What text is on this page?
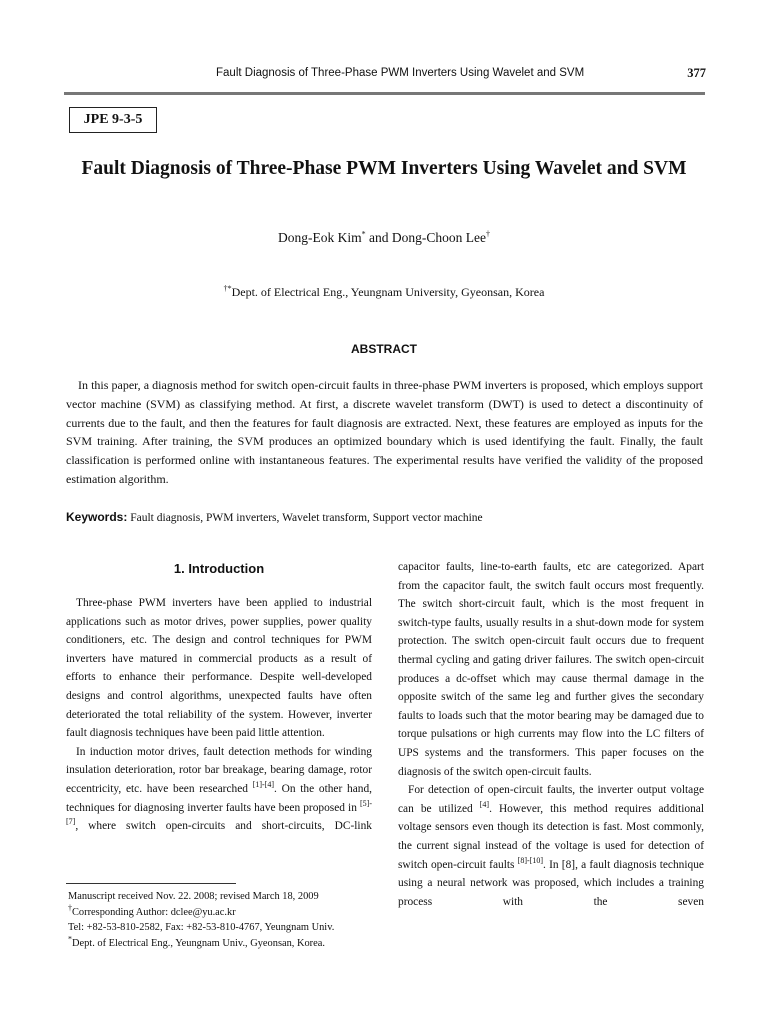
Fault Diagnosis of Three-Phase PWM Inverters Using Wavelet and SVM	377
JPE 9-3-5
Fault Diagnosis of Three-Phase PWM Inverters Using Wavelet and SVM
Dong-Eok Kim* and Dong-Choon Lee†
†*Dept. of Electrical Eng., Yeungnam University, Gyeonsan, Korea
ABSTRACT
In this paper, a diagnosis method for switch open-circuit faults in three-phase PWM inverters is proposed, which employs support vector machine (SVM) as classifying method. At first, a discrete wavelet transform (DWT) is used to detect a discontinuity of currents due to the fault, and then the features for fault diagnosis are extracted. Next, these features are employed as inputs for the SVM training. After training, the SVM produces an optimized boundary which is used identifying the fault. Finally, the fault classification is performed online with instantaneous features. The experimental results have verified the validity of the proposed estimation algorithm.
Keywords: Fault diagnosis, PWM inverters, Wavelet transform, Support vector machine
1. Introduction

Three-phase PWM inverters have been applied to industrial applications such as motor drives, power supplies, power quality conditioners, etc. The design and control techniques for PWM inverters have matured in commercial products as a result of efforts to enhance their performance. Despite well-developed designs and control algorithms, unexpected faults have often deteriorated the total reliability of the system. However, inverter fault diagnosis techniques have been paid little attention.

In induction motor drives, fault detection methods for winding insulation deterioration, rotor bar breakage, bearing damage, rotor eccentricity, etc. have been researched [1]-[4]. On the other hand, techniques for diagnosing inverter faults have been proposed in [5]-[7], where switch open-circuits and short-circuits, DC-link

capacitor faults, line-to-earth faults, etc are categorized. Apart from the capacitor fault, the switch fault occurs most frequently. The switch short-circuit fault, which is the most frequent in switch-type faults, usually results in a shut-down mode for system protection. The switch open-circuit fault occurs due to frequent thermal cycling and gating driver failures. The switch open-circuit produces a dc-offset which may cause thermal damage in the opposite switch of the same leg and further gives the secondary faults to loads such that the motor bearing may be damaged due to torque pulsations or high currents may flow into the LC filters of UPS systems and the transformers. This paper focuses on the diagnosis of the switch open-circuit faults.

For detection of open-circuit faults, the inverter output voltage can be utilized [4]. However, this method requires additional voltage sensors even though its detection is fast. Most commonly, the current signal instead of the voltage is used for detection of switch open-circuit faults [8]-[10]. In [8], a fault diagnosis technique using a neural network was proposed, which includes a training process with the seven

Manuscript received Nov. 22. 2008; revised March 18, 2009
†Corresponding Author: dclee@yu.ac.kr
Tel: +82-53-810-2582, Fax: +82-53-810-4767, Yeungnam Univ.
*Dept. of Electrical Eng., Yeungnam Univ., Gyeonsan, Korea.
